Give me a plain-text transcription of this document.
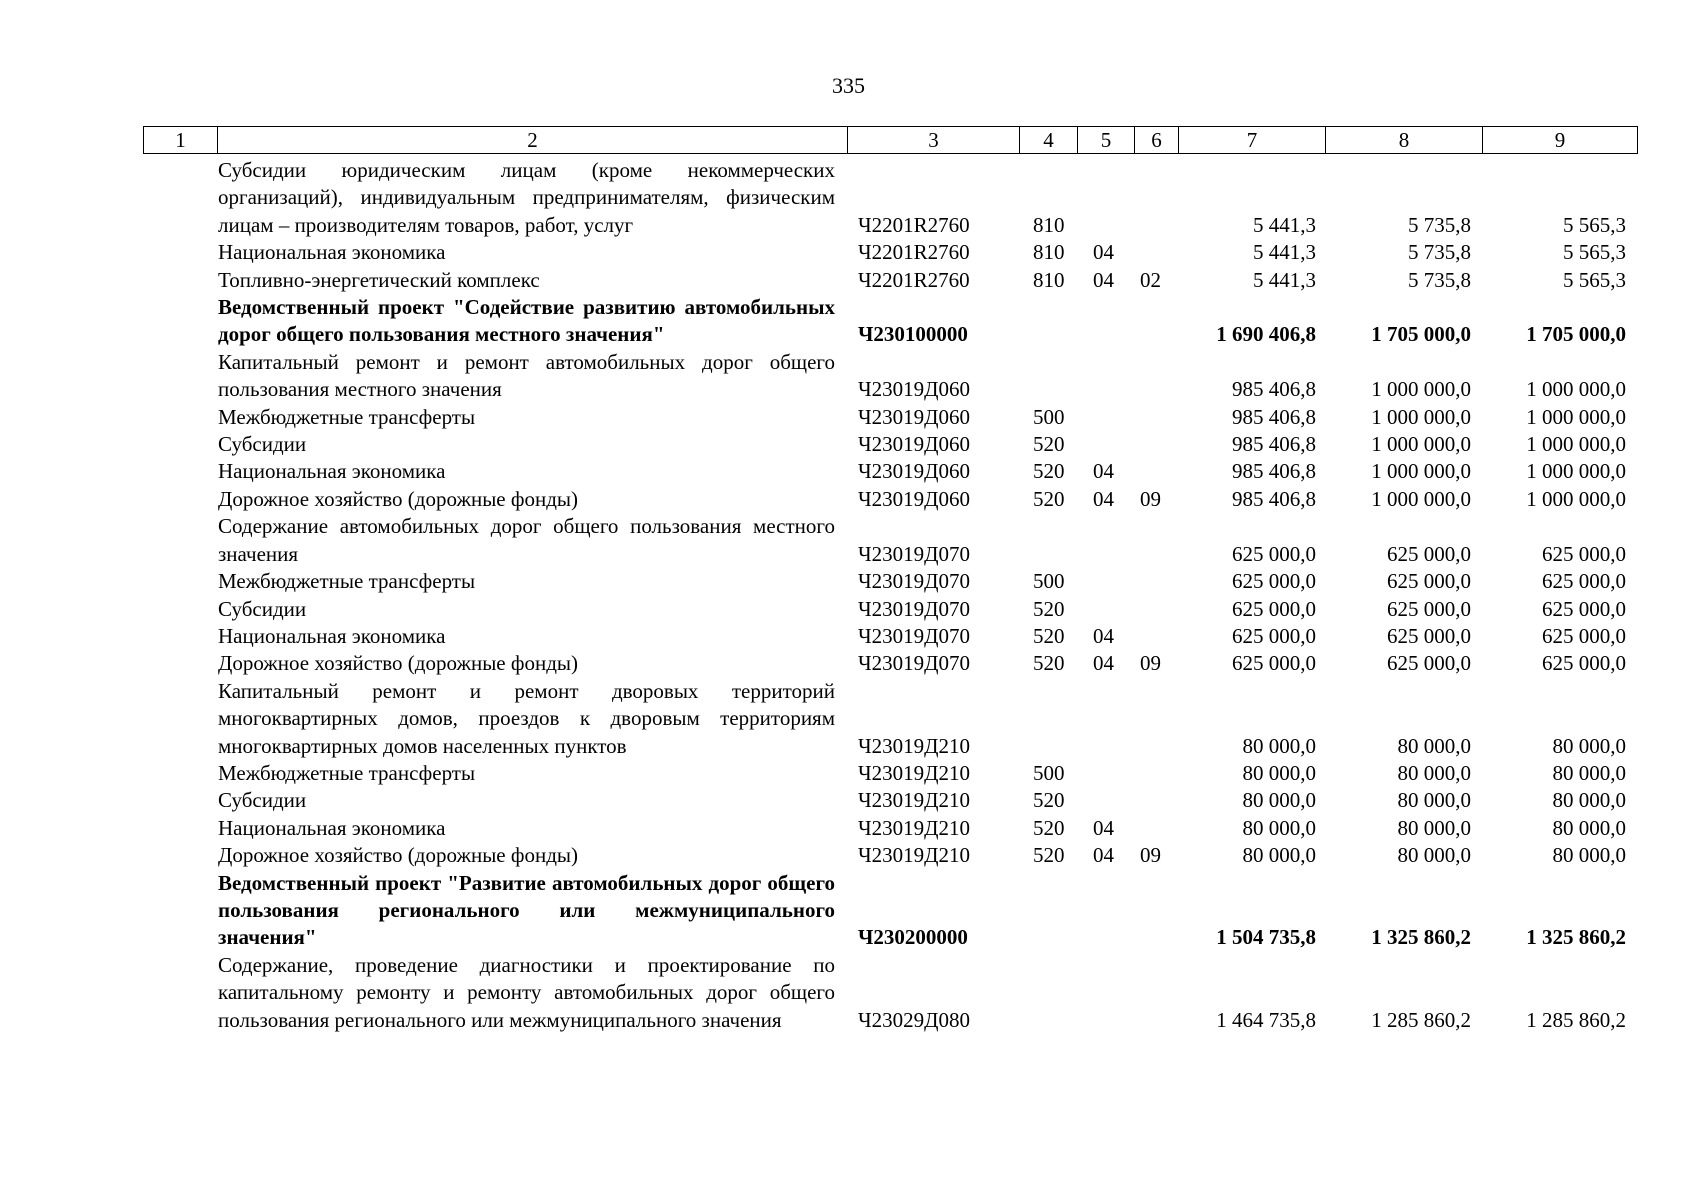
335
1	2	3	4	5	6	7	8	9
Субсидии юридическим лицам (кроме некоммерческих организаций), индивидуальным предпринимателям, физическим лицам – производителям товаров, работ, услуг	Ч2201R2760	810			5 441,3	5 735,8	5 565,3
Национальная экономика	Ч2201R2760	810	04		5 441,3	5 735,8	5 565,3
Топливно-энергетический комплекс	Ч2201R2760	810	04	02	5 441,3	5 735,8	5 565,3
Ведомственный проект "Содействие развитию автомобильных дорог общего пользования местного значения"	Ч230100000				1 690 406,8	1 705 000,0	1 705 000,0
Капитальный ремонт и ремонт автомобильных дорог общего пользования местного значения	Ч23019Д060				985 406,8	1 000 000,0	1 000 000,0
Межбюджетные трансферты	Ч23019Д060	500			985 406,8	1 000 000,0	1 000 000,0
Субсидии	Ч23019Д060	520			985 406,8	1 000 000,0	1 000 000,0
Национальная экономика	Ч23019Д060	520	04		985 406,8	1 000 000,0	1 000 000,0
Дорожное хозяйство (дорожные фонды)	Ч23019Д060	520	04	09	985 406,8	1 000 000,0	1 000 000,0
Содержание автомобильных дорог общего пользования местного значения	Ч23019Д070				625 000,0	625 000,0	625 000,0
Межбюджетные трансферты	Ч23019Д070	500			625 000,0	625 000,0	625 000,0
Субсидии	Ч23019Д070	520			625 000,0	625 000,0	625 000,0
Национальная экономика	Ч23019Д070	520	04		625 000,0	625 000,0	625 000,0
Дорожное хозяйство (дорожные фонды)	Ч23019Д070	520	04	09	625 000,0	625 000,0	625 000,0
Капитальный ремонт и ремонт дворовых территорий многоквартирных домов, проездов к дворовым территориям многоквартирных домов населенных пунктов	Ч23019Д210				80 000,0	80 000,0	80 000,0
Межбюджетные трансферты	Ч23019Д210	500			80 000,0	80 000,0	80 000,0
Субсидии	Ч23019Д210	520			80 000,0	80 000,0	80 000,0
Национальная экономика	Ч23019Д210	520	04		80 000,0	80 000,0	80 000,0
Дорожное хозяйство (дорожные фонды)	Ч23019Д210	520	04	09	80 000,0	80 000,0	80 000,0
Ведомственный проект "Развитие автомобильных дорог общего пользования регионального или межмуниципального значения"	Ч230200000				1 504 735,8	1 325 860,2	1 325 860,2
Содержание, проведение диагностики и проектирование по капитальному ремонту и ремонту автомобильных дорог общего пользования регионального или межмуниципального значения	Ч23029Д080				1 464 735,8	1 285 860,2	1 285 860,2
